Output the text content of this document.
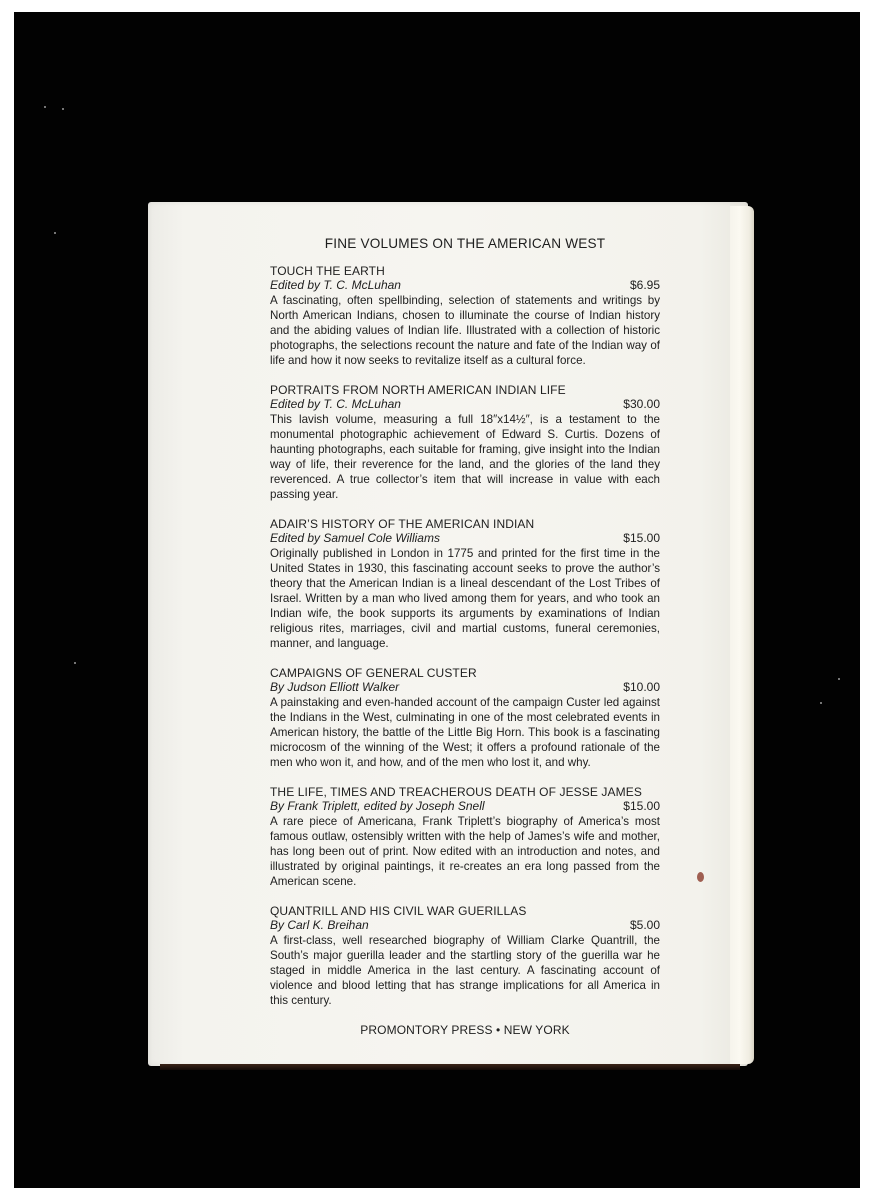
FINE VOLUMES ON THE AMERICAN WEST

TOUCH THE EARTH

Edited by T. C. McLuhan	$6.95

A fascinating, often spellbinding, selection of statements and writings by North American Indians, chosen to illuminate the course of Indian history and the abiding values of Indian life. Illustrated with a collection of historic photographs, the selections recount the nature and fate of the Indian way of life and how it now seeks to revitalize itself as a cultural force.

PORTRAITS FROM NORTH AMERICAN INDIAN LIFE

Edited by T. C. McLuhan	$30.00

This lavish volume, measuring a full 18″x14½″, is a testament to the monumental photographic achievement of Edward S. Curtis. Dozens of haunting photographs, each suitable for framing, give insight into the Indian way of life, their reverence for the land, and the glories of the land they reverenced. A true collector’s item that will increase in value with each passing year.

ADAIR’S HISTORY OF THE AMERICAN INDIAN

Edited by Samuel Cole Williams	$15.00

Originally published in London in 1775 and printed for the first time in the United States in 1930, this fascinating account seeks to prove the author’s theory that the American Indian is a lineal descendant of the Lost Tribes of Israel. Written by a man who lived among them for years, and who took an Indian wife, the book supports its arguments by examinations of Indian religious rites, marriages, civil and martial customs, funeral ceremonies, manner, and language.

CAMPAIGNS OF GENERAL CUSTER

By Judson Elliott Walker	$10.00

A painstaking and even-handed account of the campaign Custer led against the Indians in the West, culminating in one of the most celebrated events in American history, the battle of the Little Big Horn. This book is a fascinating microcosm of the winning of the West; it offers a profound rationale of the men who won it, and how, and of the men who lost it, and why.

THE LIFE, TIMES AND TREACHEROUS DEATH OF JESSE JAMES

By Frank Triplett, edited by Joseph Snell	$15.00

A rare piece of Americana, Frank Triplett’s biography of America’s most famous outlaw, ostensibly written with the help of James’s wife and mother, has long been out of print. Now edited with an introduction and notes, and illustrated by original paintings, it re-creates an era long passed from the American scene.

QUANTRILL AND HIS CIVIL WAR GUERILLAS

By Carl K. Breihan	$5.00

A first-class, well researched biography of William Clarke Quantrill, the South’s major guerilla leader and the startling story of the guerilla war he staged in middle America in the last century. A fascinating account of violence and blood letting that has strange implications for all America in this century.

PROMONTORY PRESS • NEW YORK
